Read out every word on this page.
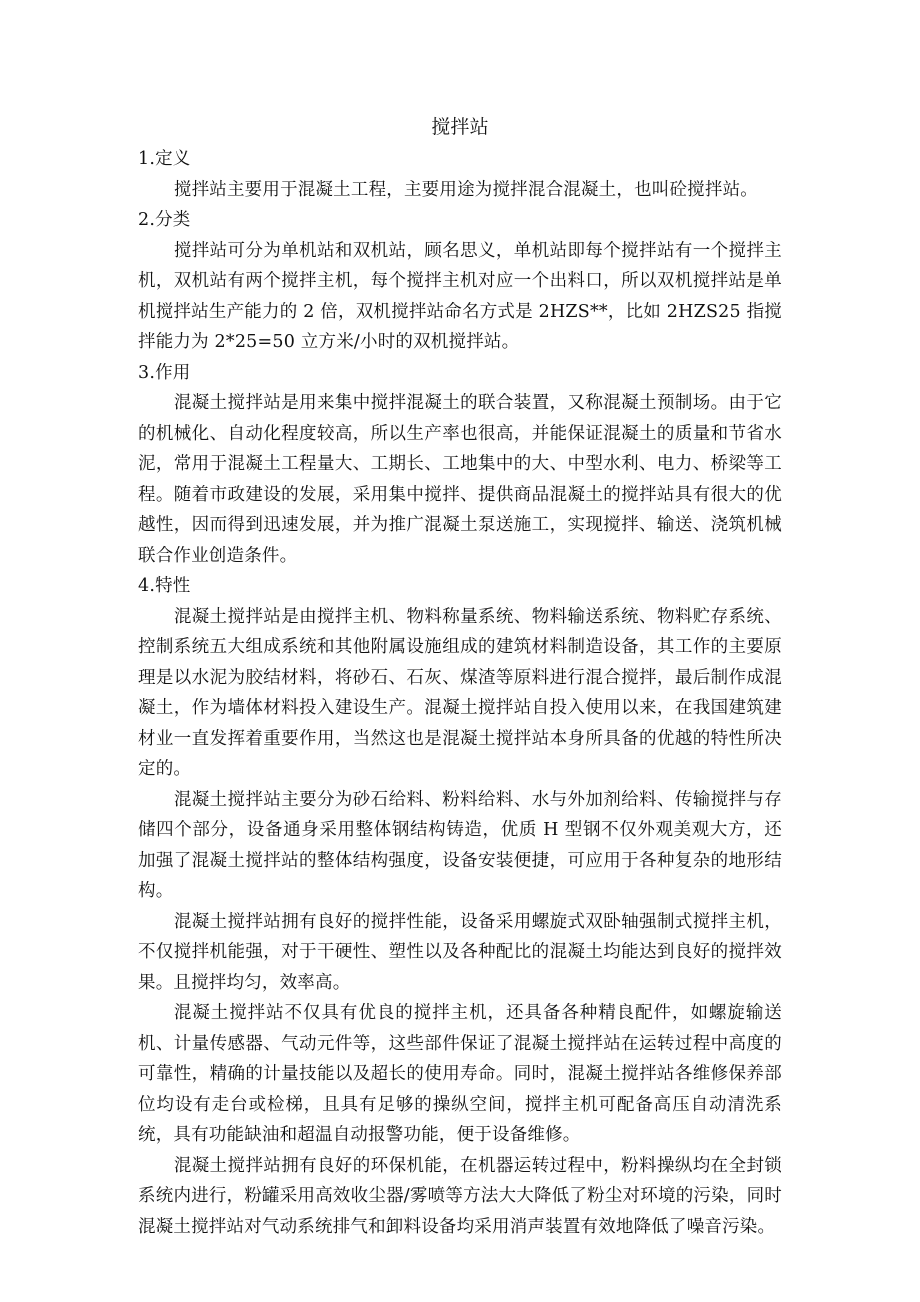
搅拌站
1.定义

搅拌站主要用于混凝土工程，主要用途为搅拌混合混凝土，也叫砼搅拌站。

2.分类

搅拌站可分为单机站和双机站，顾名思义，单机站即每个搅拌站有一个搅拌主机，双机站有两个搅拌主机，每个搅拌主机对应一个出料口，所以双机搅拌站是单机搅拌站生产能力的 2 倍，双机搅拌站命名方式是 2HZS**，比如 2HZS25 指搅拌能力为 2*25=50 立方米/小时的双机搅拌站。

3.作用

混凝土搅拌站是用来集中搅拌混凝土的联合装置，又称混凝土预制场。由于它的机械化、自动化程度较高，所以生产率也很高，并能保证混凝土的质量和节省水泥，常用于混凝土工程量大、工期长、工地集中的大、中型水利、电力、桥梁等工程。随着市政建设的发展，采用集中搅拌、提供商品混凝土的搅拌站具有很大的优越性，因而得到迅速发展，并为推广混凝土泵送施工，实现搅拌、输送、浇筑机械联合作业创造条件。

4.特性

混凝土搅拌站是由搅拌主机、物料称量系统、物料输送系统、物料贮存系统、控制系统五大组成系统和其他附属设施组成的建筑材料制造设备，其工作的主要原理是以水泥为胶结材料，将砂石、石灰、煤渣等原料进行混合搅拌，最后制作成混凝土，作为墙体材料投入建设生产。混凝土搅拌站自投入使用以来，在我国建筑建材业一直发挥着重要作用，当然这也是混凝土搅拌站本身所具备的优越的特性所决定的。

混凝土搅拌站主要分为砂石给料、粉料给料、水与外加剂给料、传输搅拌与存储四个部分，设备通身采用整体钢结构铸造，优质 H 型钢不仅外观美观大方，还加强了混凝土搅拌站的整体结构强度，设备安装便捷，可应用于各种复杂的地形结构。

混凝土搅拌站拥有良好的搅拌性能，设备采用螺旋式双卧轴强制式搅拌主机，不仅搅拌机能强，对于干硬性、塑性以及各种配比的混凝土均能达到良好的搅拌效果。且搅拌均匀，效率高。

混凝土搅拌站不仅具有优良的搅拌主机，还具备各种精良配件，如螺旋输送机、计量传感器、气动元件等，这些部件保证了混凝土搅拌站在运转过程中高度的可靠性，精确的计量技能以及超长的使用寿命。同时，混凝土搅拌站各维修保养部位均设有走台或检梯，且具有足够的操纵空间，搅拌主机可配备高压自动清洗系统，具有功能缺油和超温自动报警功能，便于设备维修。

混凝土搅拌站拥有良好的环保机能，在机器运转过程中，粉料操纵均在全封锁系统内进行，粉罐采用高效收尘器/雾喷等方法大大降低了粉尘对环境的污染，同时混凝土搅拌站对气动系统排气和卸料设备均采用消声装置有效地降低了噪音污染。
